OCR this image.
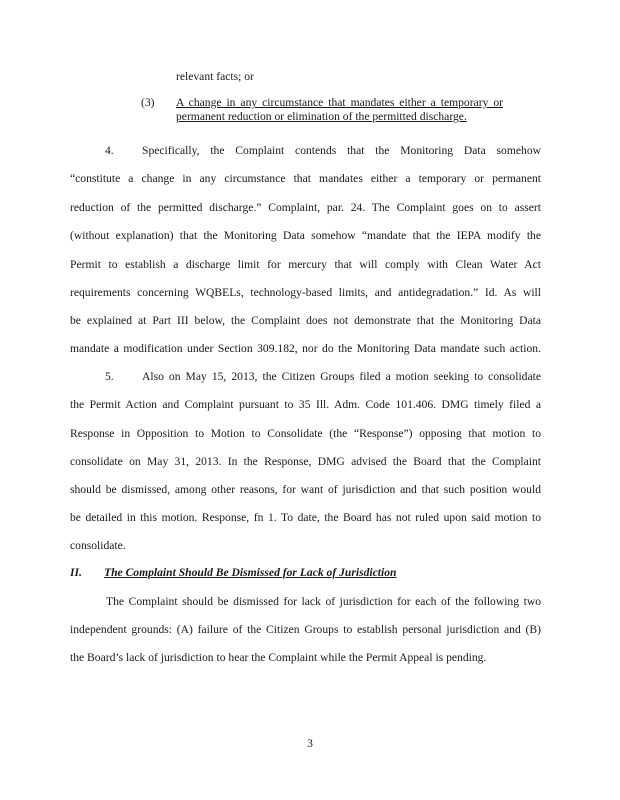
relevant facts; or
(3) A change in any circumstance that mandates either a temporary or
permanent reduction or elimination of the permitted discharge.
4. Specifically, the Complaint contends that the Monitoring Data somehow
“constitute a change in any circumstance that mandates either a temporary or permanent
reduction of the permitted discharge.” Complaint, par. 24. The Complaint goes on to assert
(without explanation) that the Monitoring Data somehow “mandate that the IEPA modify the
Permit to establish a discharge limit for mercury that will comply with Clean Water Act
requirements concerning WQBELs, technology-based limits, and antidegradation.” Id. As will
be explained at Part III below, the Complaint does not demonstrate that the Monitoring Data
mandate a modification under Section 309.182, nor do the Monitoring Data mandate such action.
5. Also on May 15, 2013, the Citizen Groups filed a motion seeking to consolidate
the Permit Action and Complaint pursuant to 35 Ill. Adm. Code 101.406. DMG timely filed a
Response in Opposition to Motion to Consolidate (the “Response”) opposing that motion to
consolidate on May 31, 2013. In the Response, DMG advised the Board that the Complaint
should be dismissed, among other reasons, for want of jurisdiction and that such position would
be detailed in this motion. Response, fn 1. To date, the Board has not ruled upon said motion to
consolidate.
II. The Complaint Should Be Dismissed for Lack of Jurisdiction
The Complaint should be dismissed for lack of jurisdiction for each of the following two
independent grounds: (A) failure of the Citizen Groups to establish personal jurisdiction and (B)
the Board’s lack of jurisdiction to hear the Complaint while the Permit Appeal is pending.
3
